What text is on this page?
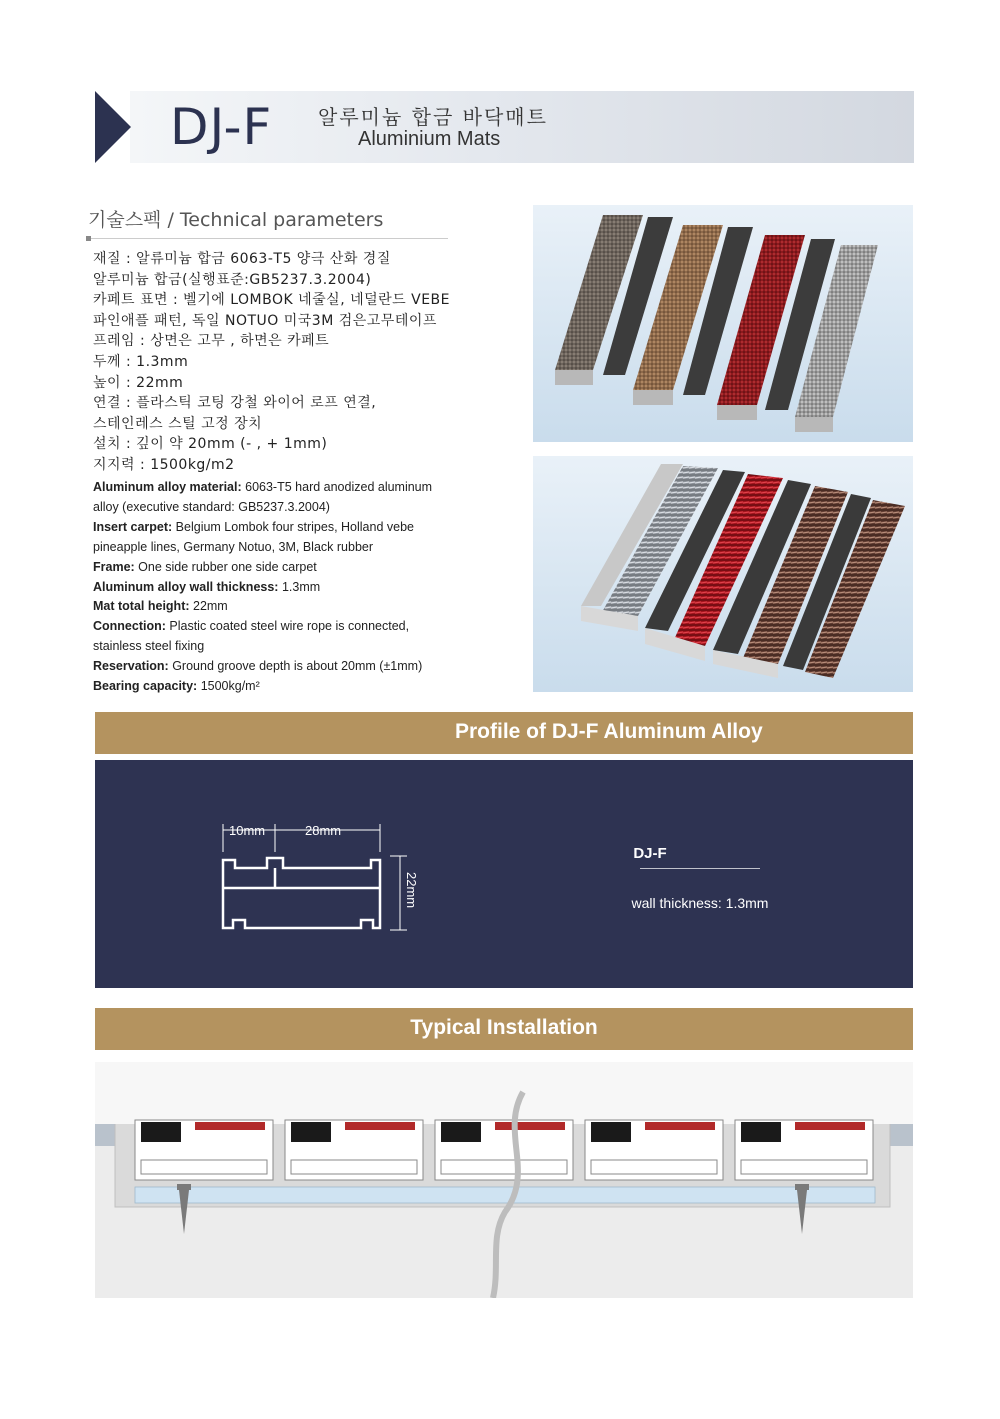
DJ-F 알루미늄 합금 바닥매트
Aluminium Mats
기술스펙 / Technical parameters
재질 : 알류미늄 합금 6063-T5 양극 산화 경질
알루미늄 합금(실행표준:GB5237.3.2004)
카페트 표면 : 벨기에 LOMBOK 네줄실, 네덜란드 VEBE
파인애플 패턴, 독일 NOTUO 미국3M 검은고무테이프
프레임 : 상면은 고무 , 하면은 카페트
두께 : 1.3mm
높이 : 22mm
연결 : 플라스틱 코팅 강철 와이어 로프 연결,
스테인레스 스틸 고정 장치
설치 : 깊이 약 20mm (- , + 1mm)
지지력 : 1500kg/m2
Aluminum alloy material: 6063-T5 hard anodized aluminum
alloy (executive standard: GB5237.3.2004)
Insert carpet: Belgium Lombok four stripes, Holland vebe
pineapple lines, Germany Notuo, 3M, Black rubber
Frame: One side rubber one side carpet
Aluminum alloy wall thickness: 1.3mm
Mat total height: 22mm
Connection: Plastic coated steel wire rope is connected,
stainless steel fixing
Reservation: Ground groove depth is about 20mm (±1mm)
Bearing capacity: 1500kg/m²
Profile of DJ-F Aluminum Alloy
10mm	28mm
22mm
DJ-F
wall thickness: 1.3mm
Typical Installation
